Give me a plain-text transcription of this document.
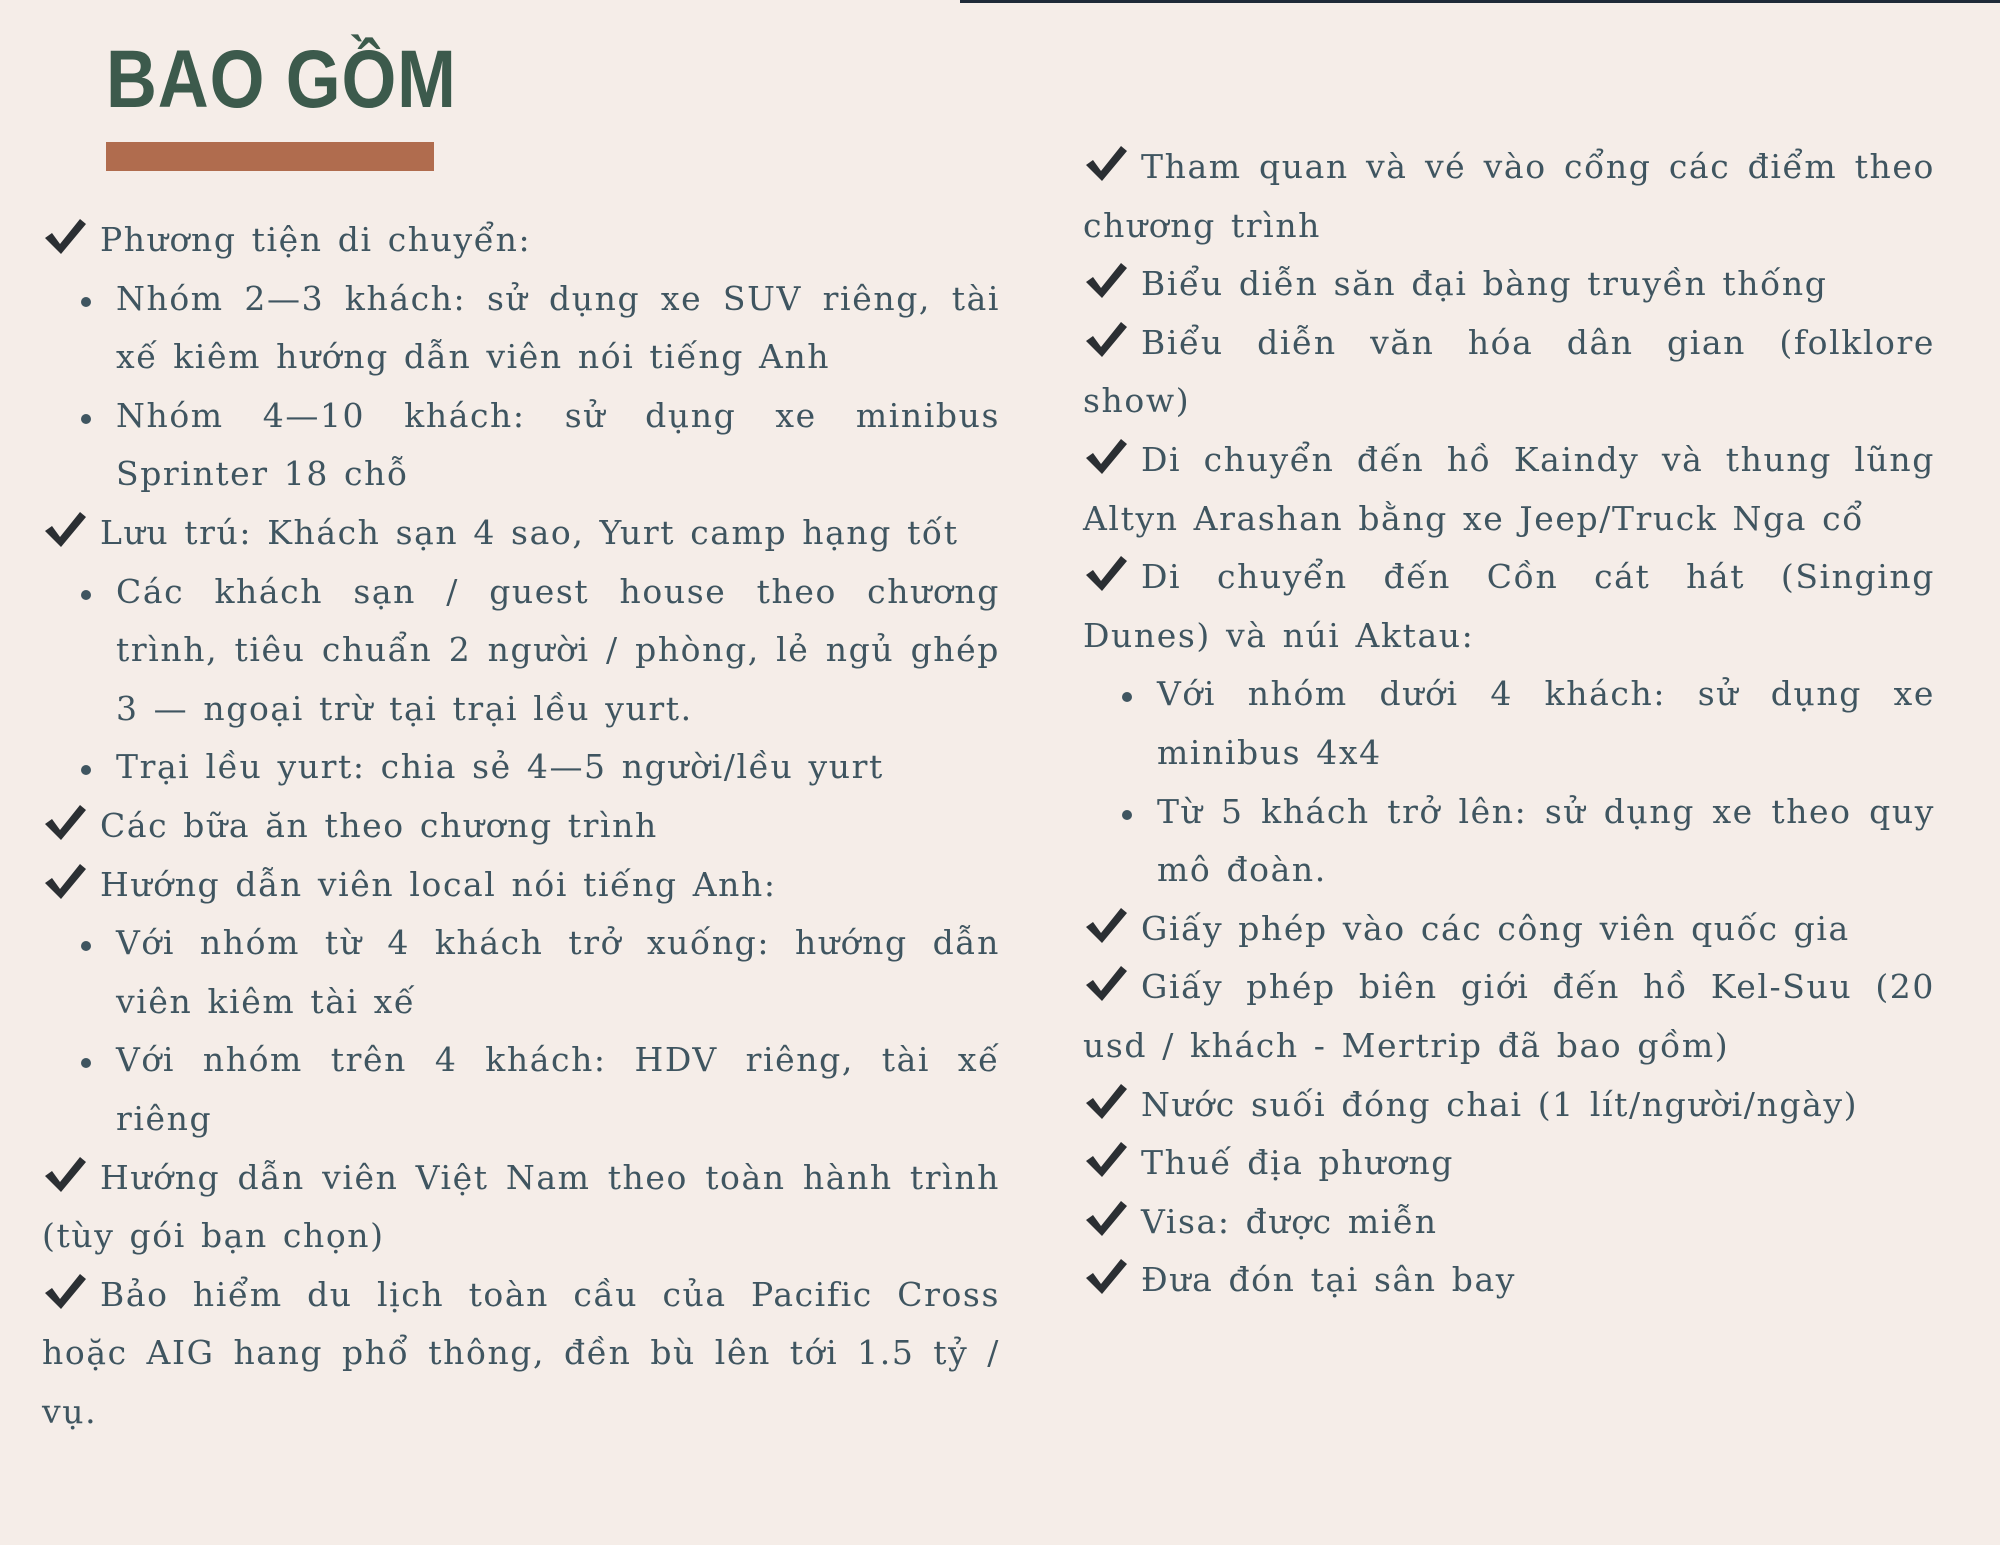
BAO GỒM
Phương tiện di chuyển:
Nhóm 2—3 khách: sử dụng xe SUV riêng, tài xế kiêm hướng dẫn viên nói tiếng Anh
Nhóm 4—10 khách: sử dụng xe minibus Sprinter 18 chỗ
Lưu trú: Khách sạn 4 sao, Yurt camp hạng tốt
Các khách sạn / guest house theo chương trình, tiêu chuẩn 2 người / phòng, lẻ ngủ ghép 3 — ngoại trừ tại trại lều yurt.
Trại lều yurt: chia sẻ 4—5 người/lều yurt
Các bữa ăn theo chương trình
Hướng dẫn viên local nói tiếng Anh:
Với nhóm từ 4 khách trở xuống: hướng dẫn viên kiêm tài xế
Với nhóm trên 4 khách: HDV riêng, tài xế riêng
Hướng dẫn viên Việt Nam theo toàn hành trình (tùy gói bạn chọn)
Bảo hiểm du lịch toàn cầu của Pacific Cross hoặc AIG hang phổ thông, đền bù lên tới 1.5 tỷ / vụ.
Tham quan và vé vào cổng các điểm theo chương trình
Biểu diễn săn đại bàng truyền thống
Biểu diễn văn hóa dân gian (folklore show)
Di chuyển đến hồ Kaindy và thung lũng Altyn Arashan bằng xe Jeep/Truck Nga cổ
Di chuyển đến Cồn cát hát (Singing Dunes) và núi Aktau:
Với nhóm dưới 4 khách: sử dụng xe minibus 4x4
Từ 5 khách trở lên: sử dụng xe theo quy mô đoàn.
Giấy phép vào các công viên quốc gia
Giấy phép biên giới đến hồ Kel-Suu (20 usd / khách - Mertrip đã bao gồm)
Nước suối đóng chai (1 lít/người/ngày)
Thuế địa phương
Visa: được miễn
Đưa đón tại sân bay
